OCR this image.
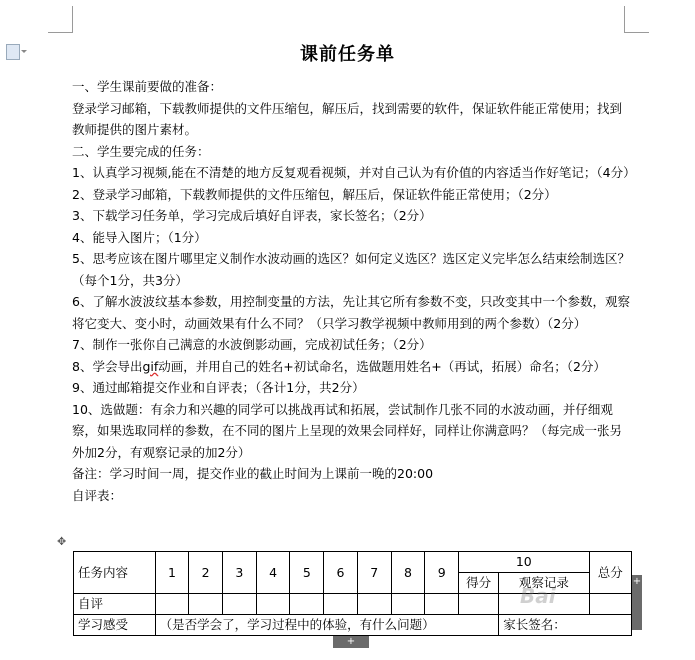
课前任务单

一、学生课前要做的准备：

登录学习邮箱，下载教师提供的文件压缩包，解压后，找到需要的软件，保证软件能正常使用；找到教师提供的图片素材。

二、学生要完成的任务：

1、认真学习视频,能在不清楚的地方反复观看视频，并对自己认为有价值的内容适当作好笔记；（4分）

2、登录学习邮箱，下载教师提供的文件压缩包，解压后，保证软件能正常使用；（2分）

3、下载学习任务单，学习完成后填好自评表，家长签名；（2分）

4、能导入图片；（1分）

5、思考应该在图片哪里定义制作水波动画的选区？如何定义选区？选区定义完毕怎么结束绘制选区？（每个1分，共3分）

6、了解水波波纹基本参数，用控制变量的方法，先让其它所有参数不变，只改变其中一个参数，观察将它变大、变小时，动画效果有什么不同？（只学习教学视频中教师用到的两个参数）（2分）

7、制作一张你自己满意的水波倒影动画，完成初试任务；（2分）

8、学会导出gif动画，并用自己的姓名+初试命名，选做题用姓名+（再试，拓展）命名；（2分）

9、通过邮箱提交作业和自评表；（各计1分，共2分）

10、选做题：有余力和兴趣的同学可以挑战再试和拓展，尝试制作几张不同的水波动画，并仔细观察，如果选取同样的参数，在不同的图片上呈现的效果会同样好，同样让你满意吗？（每完成一张另外加2分，有观察记录的加2分）

备注：学习时间一周，提交作业的截止时间为上课前一晚的20:00

自评表：

✥
任务内容	1	2	3	4	5	6	7	8	9	10		总分
										得分	观察记录	
自评												
学习感受	（是否学会了，学习过程中的体验，有什么问题）										家长签名：	
Bai
+
+
